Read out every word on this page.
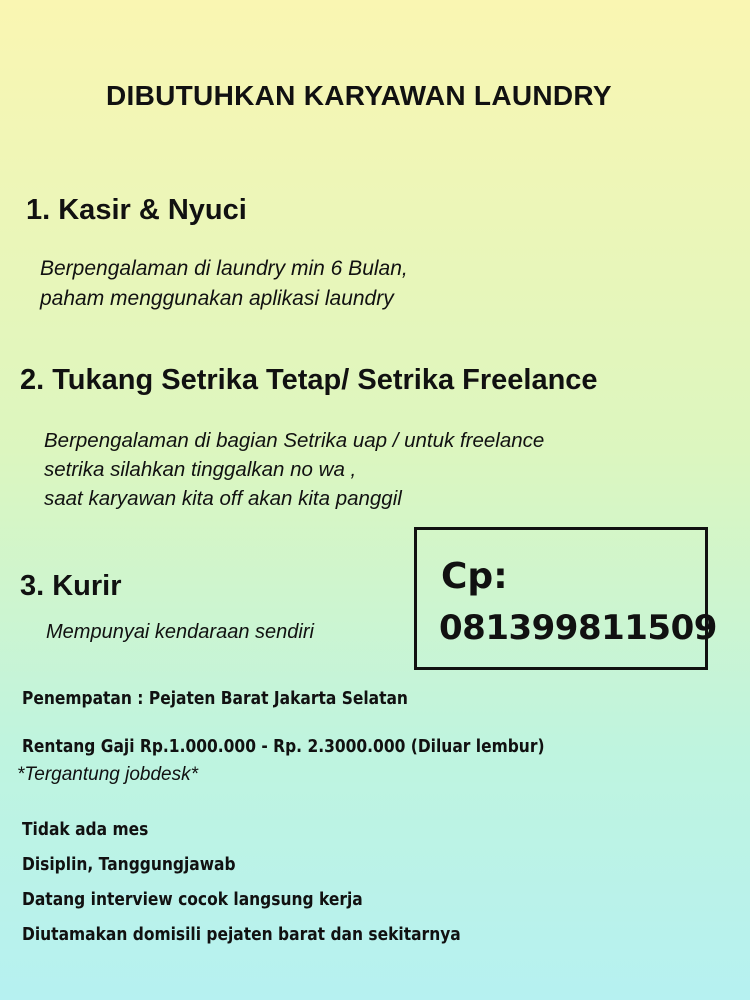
DIBUTUHKAN KARYAWAN LAUNDRY
1. Kasir & Nyuci
Berpengalaman di laundry min 6 Bulan,
paham menggunakan aplikasi laundry
2. Tukang Setrika Tetap/ Setrika Freelance
Berpengalaman di bagian Setrika uap / untuk freelance
setrika silahkan tinggalkan no wa ,
saat karyawan kita off akan kita panggil
3. Kurir
Mempunyai kendaraan sendiri
Cp:
081399811509
Penempatan : Pejaten Barat Jakarta Selatan
Rentang Gaji Rp.1.000.000 - Rp. 2.3000.000 (Diluar lembur)
*Tergantung jobdesk*
Tidak ada mes
Disiplin, Tanggungjawab
Datang interview cocok langsung kerja
Diutamakan domisili pejaten barat dan sekitarnya
